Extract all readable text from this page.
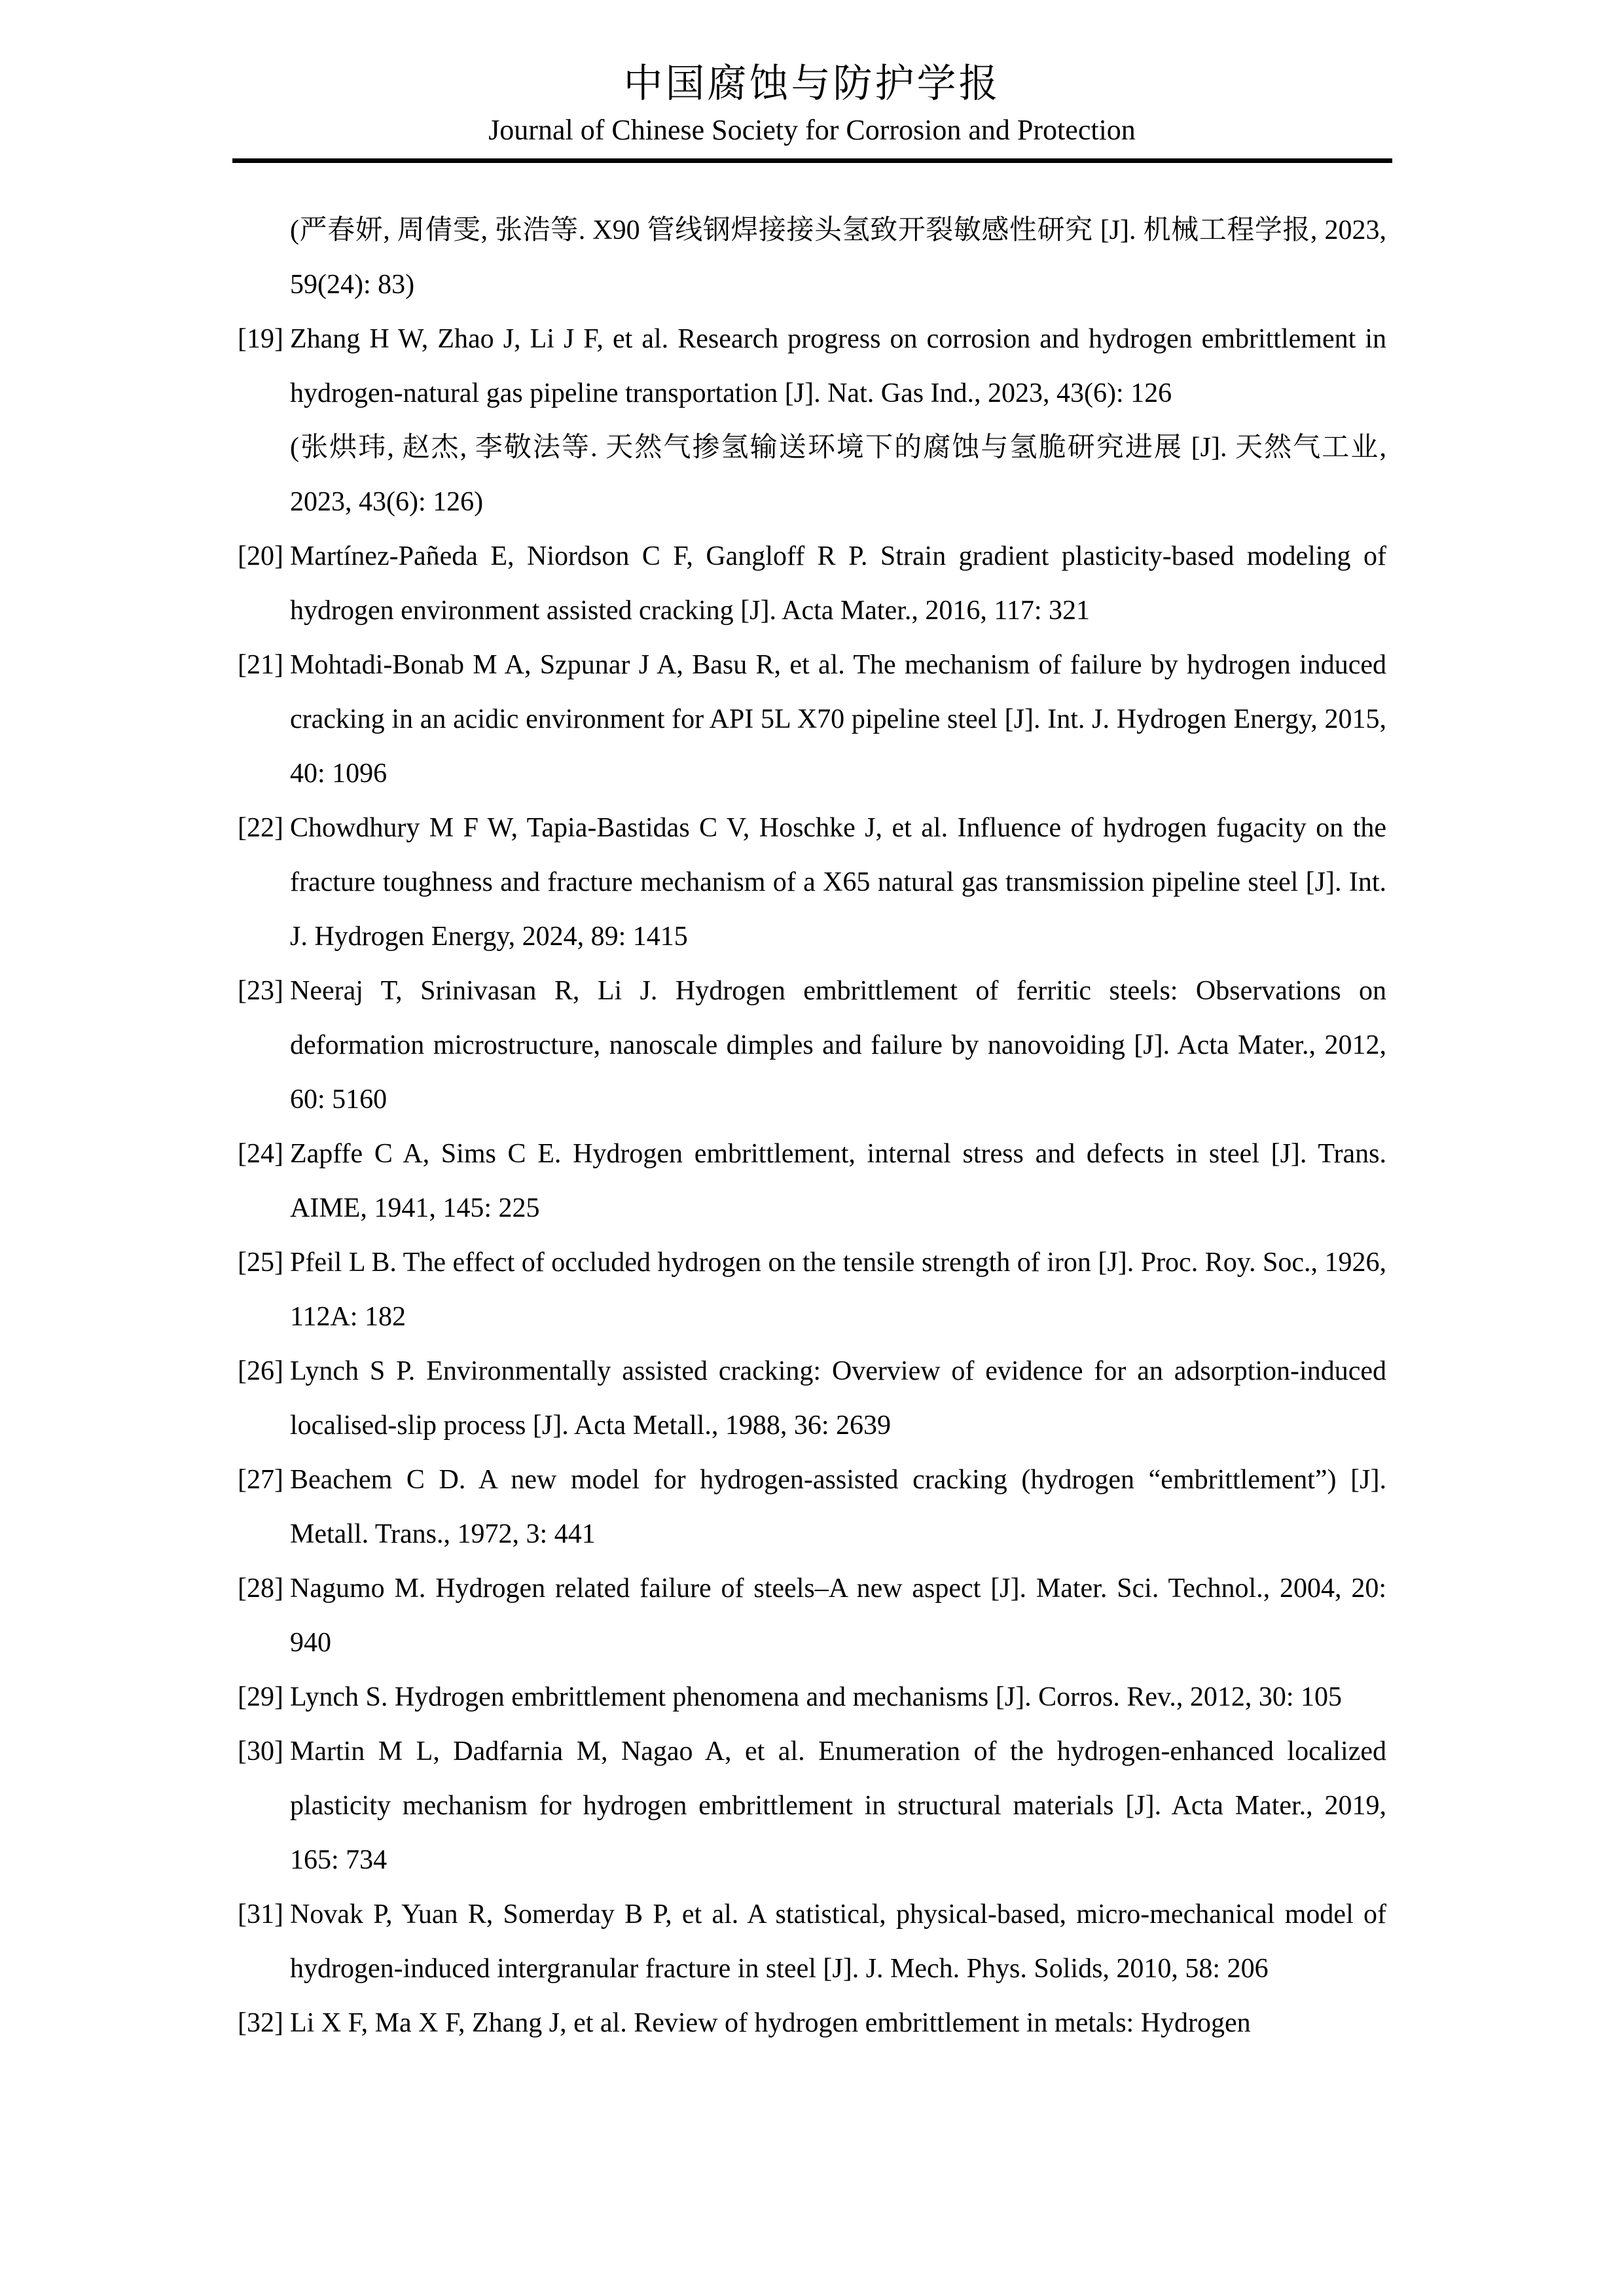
中国腐蚀与防护学报
Journal of Chinese Society for Corrosion and Protection
(严春妍, 周倩雯, 张浩等. X90 管线钢焊接接头氢致开裂敏感性研究 [J]. 机械工程学报, 2023, 59(24): 83)
[19] Zhang H W, Zhao J, Li J F, et al. Research progress on corrosion and hydrogen embrittlement in hydrogen-natural gas pipeline transportation [J]. Nat. Gas Ind., 2023, 43(6): 126
(张烘玮, 赵杰, 李敬法等. 天然气掺氢输送环境下的腐蚀与氢脆研究进展 [J]. 天然气工业, 2023, 43(6): 126)
[20] Martínez-Pañeda E, Niordson C F, Gangloff R P. Strain gradient plasticity-based modeling of hydrogen environment assisted cracking [J]. Acta Mater., 2016, 117: 321
[21] Mohtadi-Bonab M A, Szpunar J A, Basu R, et al. The mechanism of failure by hydrogen induced cracking in an acidic environment for API 5L X70 pipeline steel [J]. Int. J. Hydrogen Energy, 2015, 40: 1096
[22] Chowdhury M F W, Tapia-Bastidas C V, Hoschke J, et al. Influence of hydrogen fugacity on the fracture toughness and fracture mechanism of a X65 natural gas transmission pipeline steel [J]. Int. J. Hydrogen Energy, 2024, 89: 1415
[23] Neeraj T, Srinivasan R, Li J. Hydrogen embrittlement of ferritic steels: Observations on deformation microstructure, nanoscale dimples and failure by nanovoiding [J]. Acta Mater., 2012, 60: 5160
[24] Zapffe C A, Sims C E. Hydrogen embrittlement, internal stress and defects in steel [J]. Trans. AIME, 1941, 145: 225
[25] Pfeil L B. The effect of occluded hydrogen on the tensile strength of iron [J]. Proc. Roy. Soc., 1926, 112A: 182
[26] Lynch S P. Environmentally assisted cracking: Overview of evidence for an adsorption-induced localised-slip process [J]. Acta Metall., 1988, 36: 2639
[27] Beachem C D. A new model for hydrogen-assisted cracking (hydrogen “embrittlement”) [J]. Metall. Trans., 1972, 3: 441
[28] Nagumo M. Hydrogen related failure of steels–A new aspect [J]. Mater. Sci. Technol., 2004, 20: 940
[29] Lynch S. Hydrogen embrittlement phenomena and mechanisms [J]. Corros. Rev., 2012, 30: 105
[30] Martin M L, Dadfarnia M, Nagao A, et al. Enumeration of the hydrogen-enhanced localized plasticity mechanism for hydrogen embrittlement in structural materials [J]. Acta Mater., 2019, 165: 734
[31] Novak P, Yuan R, Somerday B P, et al. A statistical, physical-based, micro-mechanical model of hydrogen-induced intergranular fracture in steel [J]. J. Mech. Phys. Solids, 2010, 58: 206
[32] Li X F, Ma X F, Zhang J, et al. Review of hydrogen embrittlement in metals: Hydrogen
